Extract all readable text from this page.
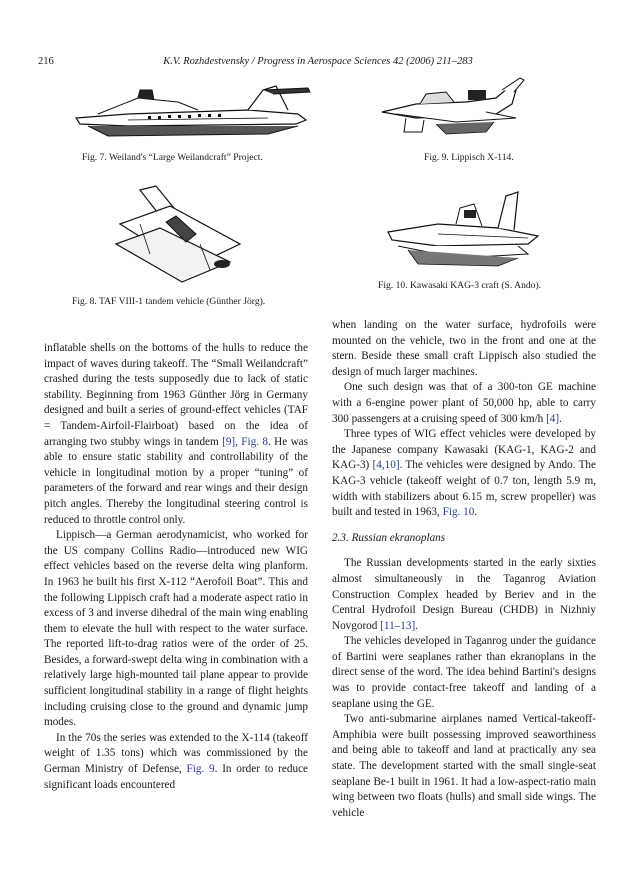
216	K.V. Rozhdestvensky / Progress in Aerospace Sciences 42 (2006) 211–283
Fig. 7. Weiland's “Large Weilandcraft” Project.	Fig. 9. Lippisch X-114.
Fig. 8. TAF VIII-1 tandem vehicle (Günther Jörg).
Fig. 10. Kawasaki KAG-3 craft (S. Ando).

inflatable shells on the bottoms of the hulls to reduce the impact of waves during takeoff. The “Small Weilandcraft” crashed during the tests supposedly due to lack of static stability. Beginning from 1963 Günther Jörg in Germany designed and built a series of ground-effect vehicles (TAF = Tandem-Airfoil-Flairboat) based on the idea of arranging two stubby wings in tandem [9], Fig. 8. He was able to ensure static stability and controllability of the vehicle in longitudinal motion by a proper “tuning” of parameters of the forward and rear wings and their design pitch angles. Thereby the longitudinal steering control is reduced to throttle control only.

Lippisch—a German aerodynamicist, who worked for the US company Collins Radio—introduced new WIG effect vehicles based on the reverse delta wing planform. In 1963 he built his first X-112 “Aerofoil Boat”. This and the following Lippisch craft had a moderate aspect ratio in excess of 3 and inverse dihedral of the main wing enabling them to elevate the hull with respect to the water surface. The reported lift-to-drag ratios were of the order of 25. Besides, a forward-swept delta wing in combination with a relatively large high-mounted tail plane appear to provide sufficient longitudinal stability in a range of flight heights including cruising close to the ground and dynamic jump modes.

In the 70s the series was extended to the X-114 (takeoff weight of 1.35 tons) which was commissioned by the German Ministry of Defense, Fig. 9. In order to reduce significant loads encountered

when landing on the water surface, hydrofoils were mounted on the vehicle, two in the front and one at the stern. Beside these small craft Lippisch also studied the design of much larger machines.

One such design was that of a 300-ton GE machine with a 6-engine power plant of 50,000 hp, able to carry 300 passengers at a cruising speed of 300 km/h [4].

Three types of WIG effect vehicles were developed by the Japanese company Kawasaki (KAG-1, KAG-2 and KAG-3) [4,10]. The vehicles were designed by Ando. The KAG-3 vehicle (takeoff weight of 0.7 ton, length 5.9 m, width with stabilizers about 6.15 m, screw propeller) was built and tested in 1963, Fig. 10.

2.3. Russian ekranoplans

The Russian developments started in the early sixties almost simultaneously in the Taganrog Aviation Construction Complex headed by Beriev and in the Central Hydrofoil Design Bureau (CHDB) in Nizhniy Novgorod [11–13].

The vehicles developed in Taganrog under the guidance of Bartini were seaplanes rather than ekranoplans in the direct sense of the word. The idea behind Bartini's designs was to provide contact-free takeoff and landing of a seaplane using the GE.

Two anti-submarine airplanes named Vertical-takeoff-Amphibia were built possessing improved seaworthiness and being able to takeoff and land at practically any sea state. The development started with the small single-seat seaplane Be-1 built in 1961. It had a low-aspect-ratio main wing between two floats (hulls) and small side wings. The vehicle
